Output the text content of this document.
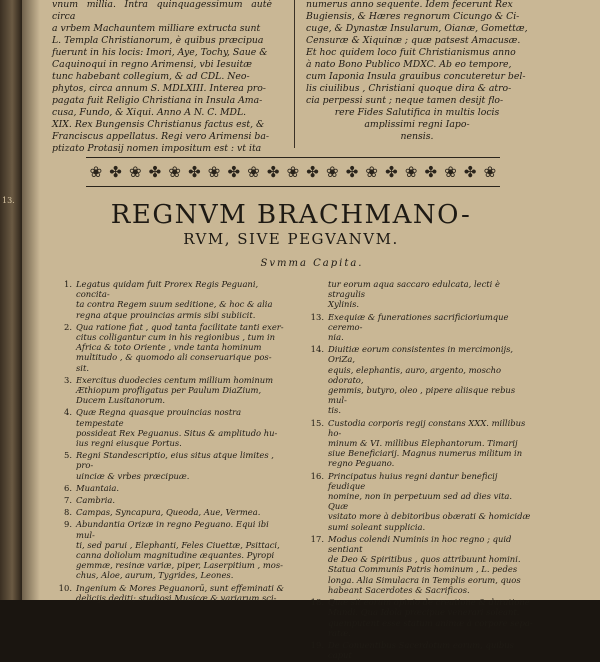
13.

vnum millia. Intra quinquagessimum autè circa

a vrbem Machauntem milliare extructa sunt

L. Templa Christianorum, è quibus præcipua

fuerunt in his locis: Imori, Aye, Tochy, Saue &

Caquinoqui in regno Arimensi, vbi Iesuitæ

tunc habebant collegium, & ad CDL. Neo-

phytos, circa annum S. MDLXIII. Interea pro-

pagata fuit Religio Christiana in Insula Ama-

cusa, Fundo, & Xiqui. Anno A N. C. MDL.

XIX. Rex Bungensis Christianus factus est, &

Franciscus appellatus. Regi vero Arimensi ba-

ptizato Protasij nomen impositum est : vt ita

numerus anno sequente. Idem fecerunt Rex

Bugiensis, & Hæres regnorum Cicungo & Ci-

cuge, & Dynastæ Insularum, Oianæ, Gomettæ,

Censuræ & Xiquinæ ; quæ patsest Amacusæ.

Et hoc quidem loco fuit Christianismus anno

à nato Bono Publico MDXC. Ab eo tempore,

cum Iaponia Insula grauibus concuteretur bel-

lis ciuilibus , Christiani quoque dira & atro-

cia perpessi sunt ; neque tamen desijt flo-

rere Fides Salutifica in multis locis

amplissimi regni Iapo-

nensis.

❀ ✤ ❀ ✤ ❀ ✤ ❀ ✤ ❀ ✤ ❀ ✤ ❀ ✤ ❀ ✤ ❀ ✤ ❀ ✤ ❀
REGNVM BRACHMANO-
RVM, SIVE PEGVANVM.
Svmma Capita.
1. Legatus quidam fuit Prorex Regis Peguani, concita-
ta contra Regem suum seditione, & hoc & alia
regna atque prouincias armis sibi subiicit.
2. Qua ratione fiat , quod tanta facilitate tanti exer-
citus colligantur cum in his regionibus , tum in
Africa & toto Oriente , vnde tanta hominum
multitudo , & quomodo ali conseruarique pos-
sit.
3. Exercitus duodecies centum millium hominum
Æthiopum profligatus per Paulum DiaZium,
Ducem Lusitanorum.
4. Quæ Regna quasque prouincias nostra tempestate
possideat Rex Peguanus. Situs & amplitudo hu-
ius regni eiusque Portus.
5. Regni Standescriptio, eius situs atque limites , pro-
uinciæ & vrbes præcipuæ.
6. Muantaia.
7. Cambria.
8. Campas, Syncapura, Queoda, Aue, Vermea.
9. Abundantia Orizæ in regno Peguano. Equi ibi mul-
ti, sed parui , Elephanti, Feles Ciuettæ, Psittaci,
canna doliolum magnitudine æquantes. Pyropi
gemmæ, resinæ variæ, piper, Laserpitium , mos-
chus, Aloe, aurum, Tygrides, Leones.
10. Ingenium & Mores Peguanorū, sunt effeminati &
delicijs dediti; studiosi Musicæ & variarum sci-
tur eorum aqua saccaro edulcata, lecti è stragulis
Xylinis.
13. Exequiæ & funerationes sacrificioriumque ceremo-
nia.
14. Diuitiæ eorum consistentes in mercimonijs, OriZa,
equis, elephantis, auro, argento, moscho odorato,
gemmis, butyro, oleo , pipere aliisque rebus mul-
tis.
15. Custodia corporis regij constans XXX. millibus ho-
minum & VI. millibus Elephantorum. Timarij
siue Beneficiarij. Magnus numerus militum in
regno Peguano.
16. Principatus huius regni dantur beneficij feudique
nomine, non in perpetuum sed ad dies vita. Quæ
vsitato more à debitoribus obærati & homicidæ
sumi soleant supplicia.
17. Modus colendi Numinis in hoc regno ; quid sentiant
de Deo & Spiritibus , quos attribuunt homini.
Statua Communis Patris hominum , L. pedes
longa. Alia Simulacra in Templis eorum, quos
habeant Sacerdotes & Sacrificos.
18. Quæ sit eorum opinio de creatione & duratione
Mundi. Qua Idola præcipue venerari soleant.
quemputent esse statum animæ à corpore sepa-
ratæ.
19. De Conuentibus Sacerdotum eorum, quibus caput
